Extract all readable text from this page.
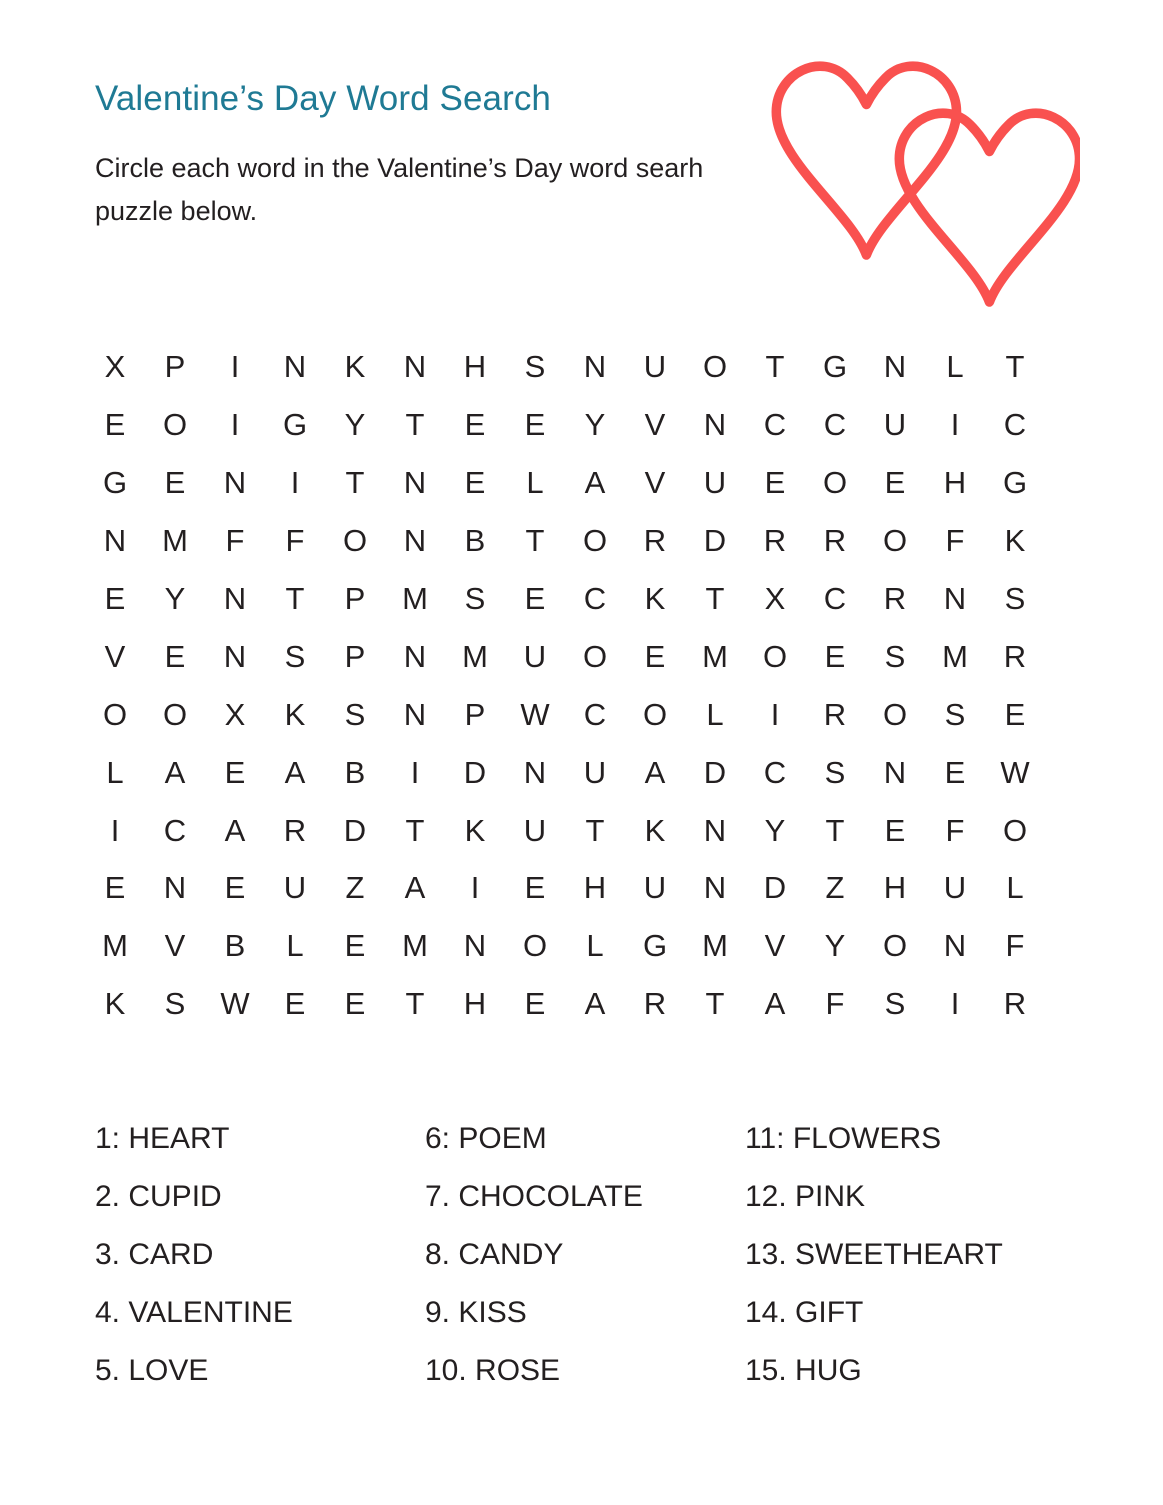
Valentine’s Day Word Search

Circle each word in the Valentine’s Day word searh puzzle below.

X	P	I	N	K	N	H	S	N	U	O	T	G	N	L	T
E	O	I	G	Y	T	E	E	Y	V	N	C	C	U	I	C
G	E	N	I	T	N	E	L	A	V	U	E	O	E	H	G
N	M	F	F	O	N	B	T	O	R	D	R	R	O	F	K
E	Y	N	T	P	M	S	E	C	K	T	X	C	R	N	S
V	E	N	S	P	N	M	U	O	E	M	O	E	S	M	R
O	O	X	K	S	N	P	W	C	O	L	I	R	O	S	E
L	A	E	A	B	I	D	N	U	A	D	C	S	N	E	W
I	C	A	R	D	T	K	U	T	K	N	Y	T	E	F	O
E	N	E	U	Z	A	I	E	H	U	N	D	Z	H	U	L
M	V	B	L	E	M	N	O	L	G	M	V	Y	O	N	F
K	S	W	E	E	T	H	E	A	R	T	A	F	S	I	R
1: HEART
2. CUPID
3. CARD
4. VALENTINE
5. LOVE
6: POEM
7. CHOCOLATE
8. CANDY
9. KISS
10. ROSE
11: FLOWERS
12. PINK
13. SWEETHEART
14. GIFT
15. HUG
